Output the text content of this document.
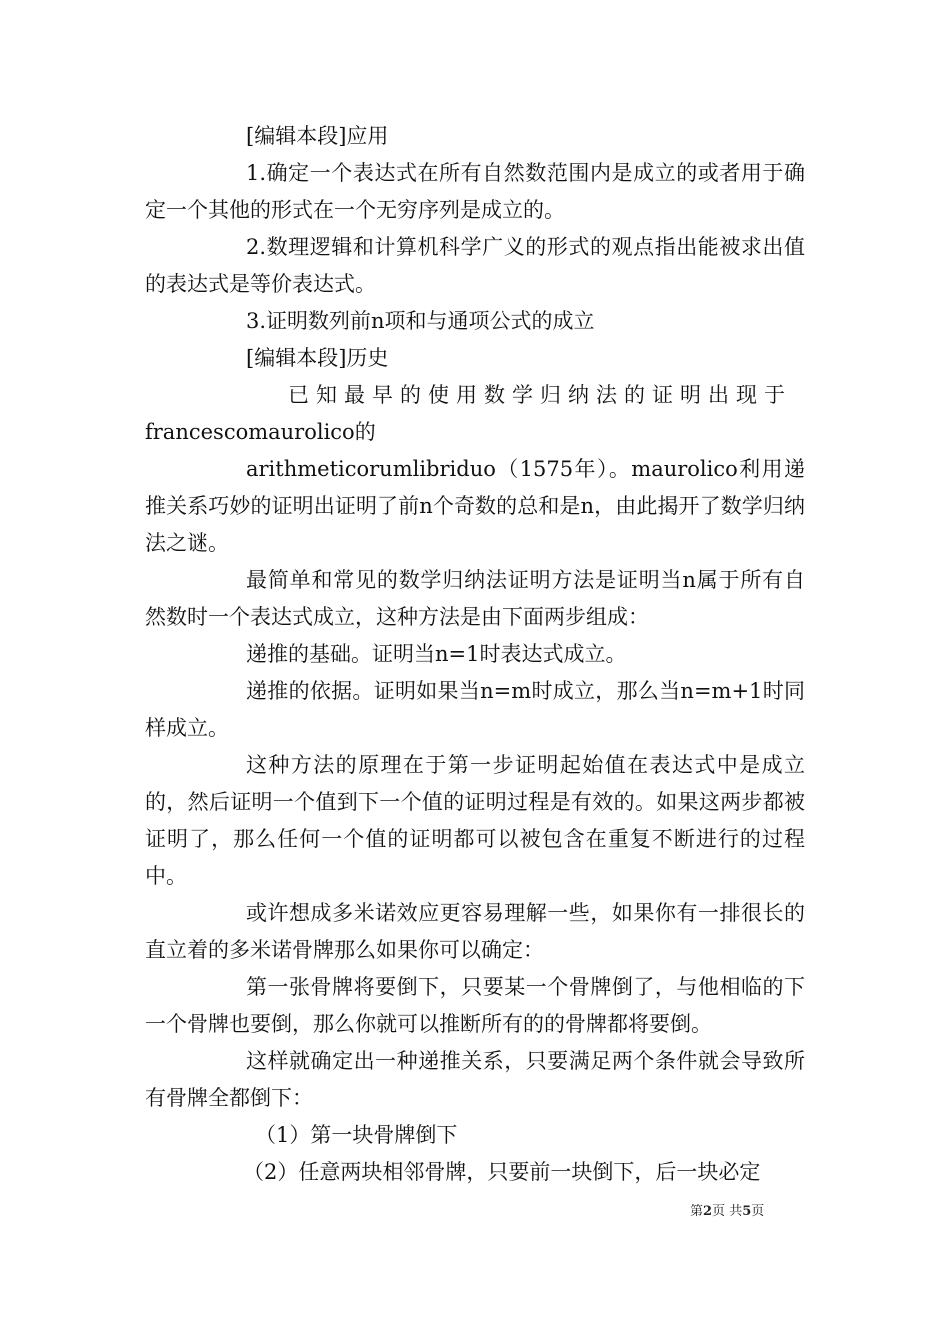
[编辑本段]应用

1.确定一个表达式在所有自然数范围内是成立的或者用于确定一个其他的形式在一个无穷序列是成立的。

2.数理逻辑和计算机科学广义的形式的观点指出能被求出值的表达式是等价表达式。

3.证明数列前n项和与通项公式的成立

[编辑本段]历史

已知最早的使用数学归纳法的证明出现于

francescomaurolico的

arithmeticorumlibriduo（1575年）。maurolico利用递推关系巧妙的证明出证明了前n个奇数的总和是n，由此揭开了数学归纳法之谜。

最简单和常见的数学归纳法证明方法是证明当n属于所有自然数时一个表达式成立，这种方法是由下面两步组成：

递推的基础。证明当n=1时表达式成立。

递推的依据。证明如果当n=m时成立，那么当n=m+1时同样成立。

这种方法的原理在于第一步证明起始值在表达式中是成立的，然后证明一个值到下一个值的证明过程是有效的。如果这两步都被证明了，那么任何一个值的证明都可以被包含在重复不断进行的过程中。

或许想成多米诺效应更容易理解一些，如果你有一排很长的直立着的多米诺骨牌那么如果你可以确定：

第一张骨牌将要倒下，只要某一个骨牌倒了，与他相临的下一个骨牌也要倒，那么你就可以推断所有的的骨牌都将要倒。

这样就确定出一种递推关系，只要满足两个条件就会导致所有骨牌全都倒下：

（1）第一块骨牌倒下

（2）任意两块相邻骨牌，只要前一块倒下，后一块必定

第2页 共5页
